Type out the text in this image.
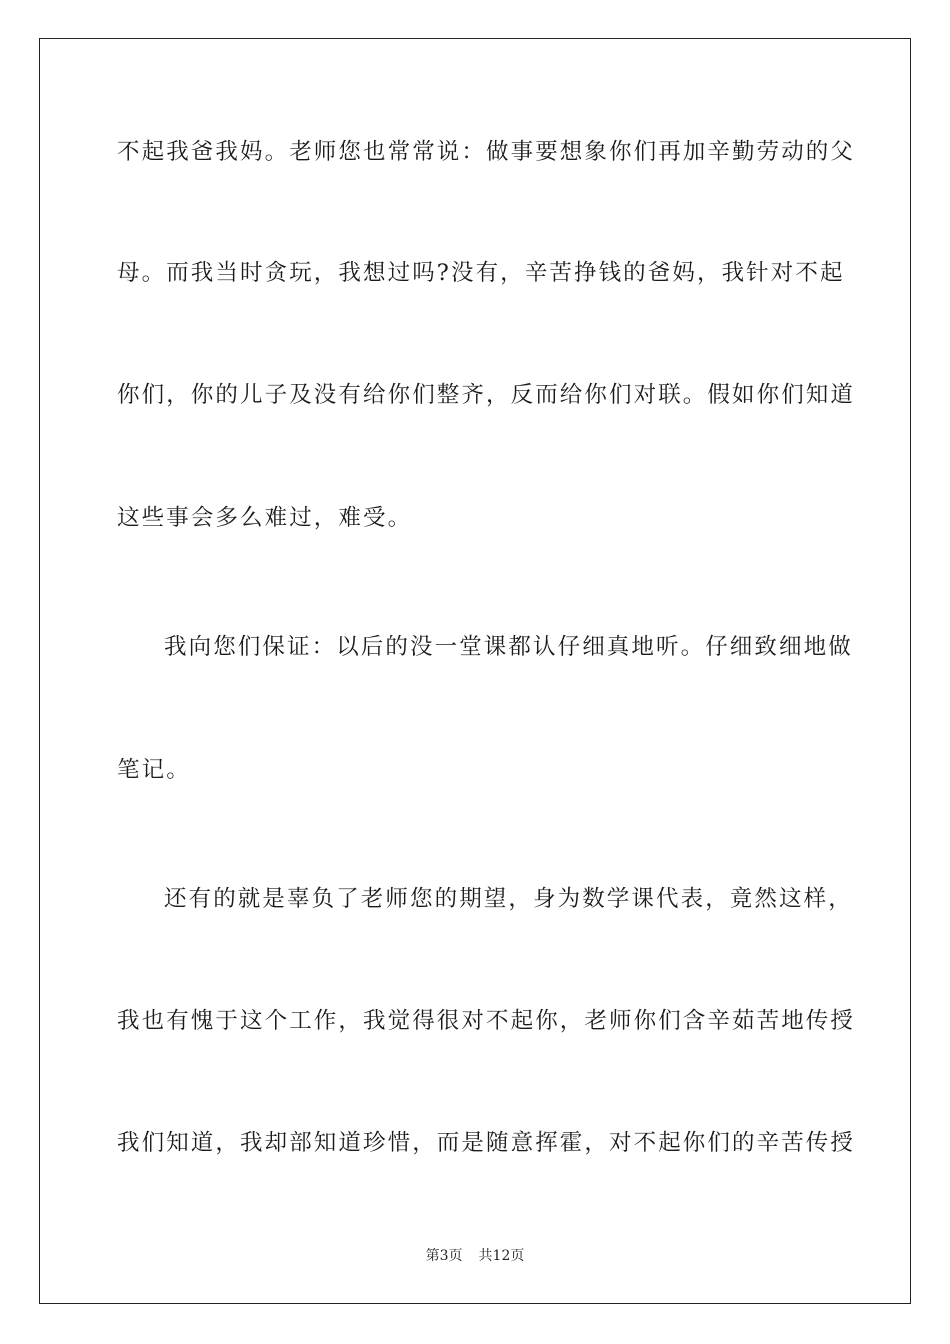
不起我爸我妈。老师您也常常说：做事要想象你们再加辛勤劳动的父
母。而我当时贪玩，我想过吗?没有，辛苦挣钱的爸妈，我针对不起
你们，你的儿子及没有给你们整齐，反而给你们对联。假如你们知道
这些事会多么难过，难受。
我向您们保证：以后的没一堂课都认仔细真地听。仔细致细地做
笔记。
还有的就是辜负了老师您的期望，身为数学课代表，竟然这样，
我也有愧于这个工作，我觉得很对不起你，老师你们含辛茹苦地传授
我们知道，我却部知道珍惜，而是随意挥霍，对不起你们的辛苦传授
第3页 共12页
